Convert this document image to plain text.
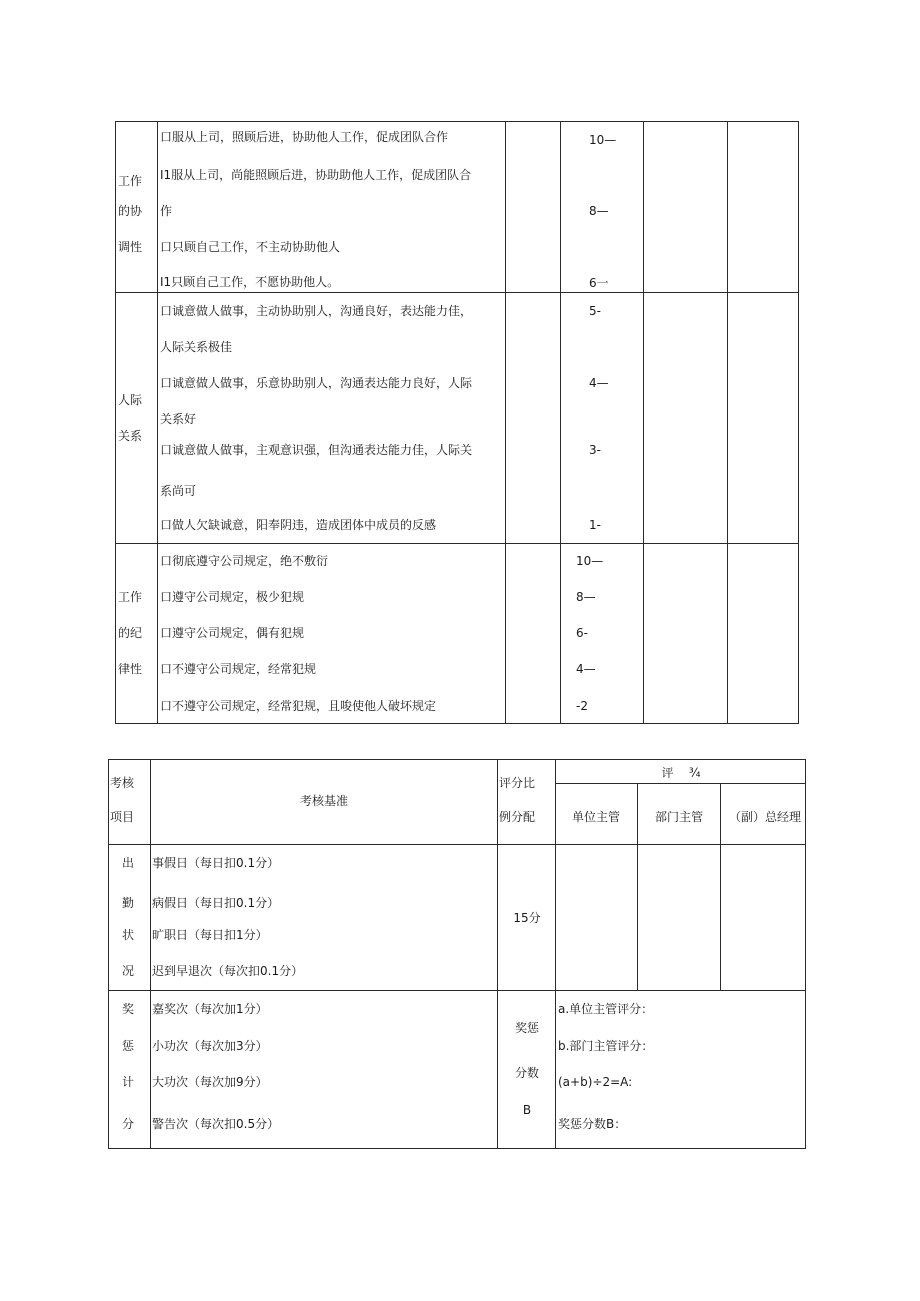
工作
的协
调性
口服从上司，照顾后进，协助他人工作，促成团队合作
I1服从上司，尚能照顾后进，协助助他人工作，促成团队合
作
口只顾自己工作，不主动协助他人
I1只顾自己工作，不愿协助他人。
10—
8—
6一
人际
关系
口诚意做人做事，主动协助别人，沟通良好，表达能力佳，
人际关系极佳
口诚意做人做事，乐意协助别人，沟通表达能力良好，人际
关系好
口诚意做人做事，主观意识强，但沟通表达能力佳，人际关
系尚可
口做人欠缺诚意，阳奉阴违，造成团体中成员的反感
5-
4—
3-
1-
工作
的纪
律性
口彻底遵守公司规定，绝不敷衍
口遵守公司规定，极少犯规
口遵守公司规定，偶有犯规
口不遵守公司规定，经常犯规
口不遵守公司规定，经常犯规，且唆使他人破坏规定
10—
8—
6-
4—
-2
考核
项目
考核基准
评分比
例分配
评    ¾
单位主管	部门主管 （副）总经理
出
勤
状
况
事假日（每日扣0.1分）
病假日（每日扣0.1分）
旷职日（每日扣1分）
迟到早退次（每次扣0.1分）
15分
奖
惩
计
分
嘉奖次（每次加1分）
小功次（每次加3分）
大功次（每次加9分）
警告次（每次扣0.5分）
奖惩
分数
B
a.单位主管评分：
b.部门主管评分：
(a+b)÷2=A:
奖惩分数B：
